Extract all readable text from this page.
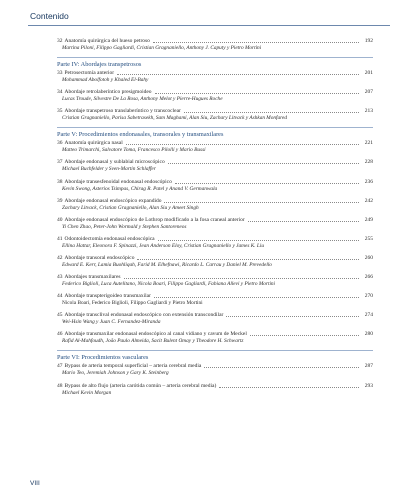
Contenido
32 Anatomía quirúrgica del hueso petroso	192
Martina Piloni, Filippo Gagliardi, Cristian Gragnaniello, Anthony J. Caputy y Pietro Mortini
Parte IV: Abordajes transpetrosos
33 Petrosectomía anterior	201
Mohammad Abolfotoh y Khaled El-Bahy
34 Abordaje retrolaberíntico presigmoideo	207
Lucas Troude, Silvestre De La Rosa, Anthony Melot y Pierre-Hugues Roche
35 Abordaje transpetroso translaberíntico y transcoclear	213
Cristian Gragnaniello, Parisa Sabetrasekh, Sam Maghami, Alan Siu, Zachary Litvack y Ashkan Monfared
Parte V: Procedimientos endonasales, transorales y transmaxilares
36 Anatomía quirúrgica nasal	221
Matteo Trimarchi, Salvatore Toma, Francesco Pilolli y Mario Bussi
37 Abordaje endonasal y sublabial microscópico	228
Michael Buchfelder y Sven-Martin Schlaffer
38 Abordaje transesfenoidal endonasal endoscópico	236
Kevin Swong, Asterios Tsimpas, Chirag R. Patel y Anand V. Germanwala
39 Abordaje endonasal endoscópico expandido	242
Zachary Litvack, Cristian Gragnaniello, Alan Siu y Ameet Singh
40 Abordaje endonasal endoscópico de Lothrop modificado a la fosa craneal anterior	249
Yi Chen Zhao, Peter-John Wormald y Stephen Santoreneos
41 Odontoidectomía endonasal endoscópica	255
Ellina Hattar, Eleonora F. Spinazzi, Jean Anderson Eloy, Cristian Gragnaniello y James K. Liu
42 Abordaje transoral endoscópico	260
Edward E. Kerr, Lamia Buohliqah, Farid M. Elhefnawi, Ricardo L. Carrau y Daniel M. Prevedello
43 Abordajes transmaxilares	266
Federico Biglioli, Luca Autelitano, Nicola Boari, Filippo Gagliardi, Fabiana Allevi y Pietro Mortini
44 Abordaje transpterigoideo transmaxilar	270
Nicola Boari, Federico Biglioli, Filippo Gagliardi y Pietro Mortini
45 Abordaje transclival endonasal endoscópico con extensión transcondilar	274
Wei-Hsin Wang y Juan C. Fernandez-Miranda
46 Abordaje transmaxilar endonasal endoscópico al canal vidiano y cavum de Meckel	280
Rafid Al-Mahfoudh, João Paulo Almeida, Sacit Bulent Omay y Theodore H. Schwartz
Parte VI: Procedimientos vasculares
47 Bypass de arteria temporal superficial – arteria cerebral media	287
Mario Teo, Jeremiah Johnson y Gary K. Steinberg
48 Bypass de alto flujo (arteria carótida común – arteria cerebral media)	293
Michael Kevin Morgan
VIII
